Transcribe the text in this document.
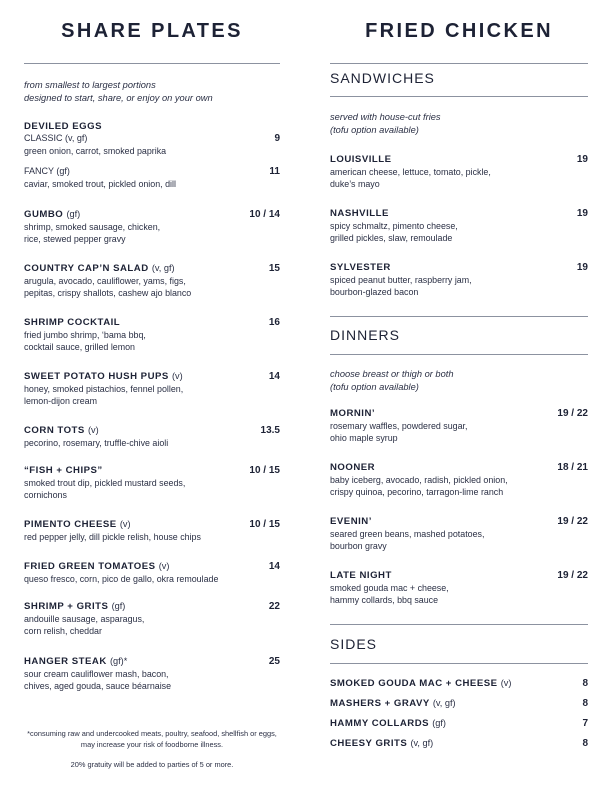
SHARE PLATES
from smallest to largest portions
designed to start, share, or enjoy on your own
DEVILED EGGS
CLASSIC (v, gf)	9
green onion, carrot, smoked paprika
FANCY (gf)	11
caviar, smoked trout, pickled onion, dill
GUMBO (gf)	10 / 14
shrimp, smoked sausage, chicken,
rice, stewed pepper gravy
COUNTRY CAP’N SALAD (v, gf)	15
arugula, avocado, cauliflower, yams, figs,
pepitas, crispy shallots, cashew ajo blanco
SHRIMP COCKTAIL	16
fried jumbo shrimp, ‘bama bbq,
cocktail sauce, grilled lemon
SWEET POTATO HUSH PUPS (v)	14
honey, smoked pistachios, fennel pollen,
lemon-dijon cream
CORN TOTS (v)	13.5
pecorino, rosemary, truffle-chive aioli
“FISH + CHIPS”	10 / 15
smoked trout dip, pickled mustard seeds,
cornichons
PIMENTO CHEESE (v)	10 / 15
red pepper jelly, dill pickle relish, house chips
FRIED GREEN TOMATOES (v)	14
queso fresco, corn, pico de gallo, okra remoulade
SHRIMP + GRITS (gf)	22
andouille sausage, asparagus,
corn relish, cheddar
HANGER STEAK (gf)*	25
sour cream cauliflower mash, bacon,
chives, aged gouda, sauce béarnaise
*consuming raw and undercooked meats, poultry, seafood, shellfish or eggs,
may increase your risk of foodborne illness.
20% gratuity will be added to parties of 5 or more.
FRIED CHICKEN
SANDWICHES
served with house-cut fries
(tofu option available)
LOUISVILLE	19
american cheese, lettuce, tomato, pickle,
duke’s mayo
NASHVILLE	19
spicy schmaltz, pimento cheese,
grilled pickles, slaw, remoulade
SYLVESTER	19
spiced peanut butter, raspberry jam,
bourbon-glazed bacon
DINNERS
choose breast or thigh or both
(tofu option available)
MORNIN’	19 / 22
rosemary waffles, powdered sugar,
ohio maple syrup
NOONER	18 / 21
baby iceberg, avocado, radish, pickled onion,
crispy quinoa, pecorino, tarragon-lime ranch
EVENIN’	19 / 22
seared green beans, mashed potatoes,
bourbon gravy
LATE NIGHT	19 / 22
smoked gouda mac + cheese,
hammy collards, bbq sauce
SIDES
SMOKED GOUDA MAC + CHEESE (v)	8
MASHERS + GRAVY (v, gf)	8
HAMMY COLLARDS (gf)	7
CHEESY GRITS (v, gf)	8
